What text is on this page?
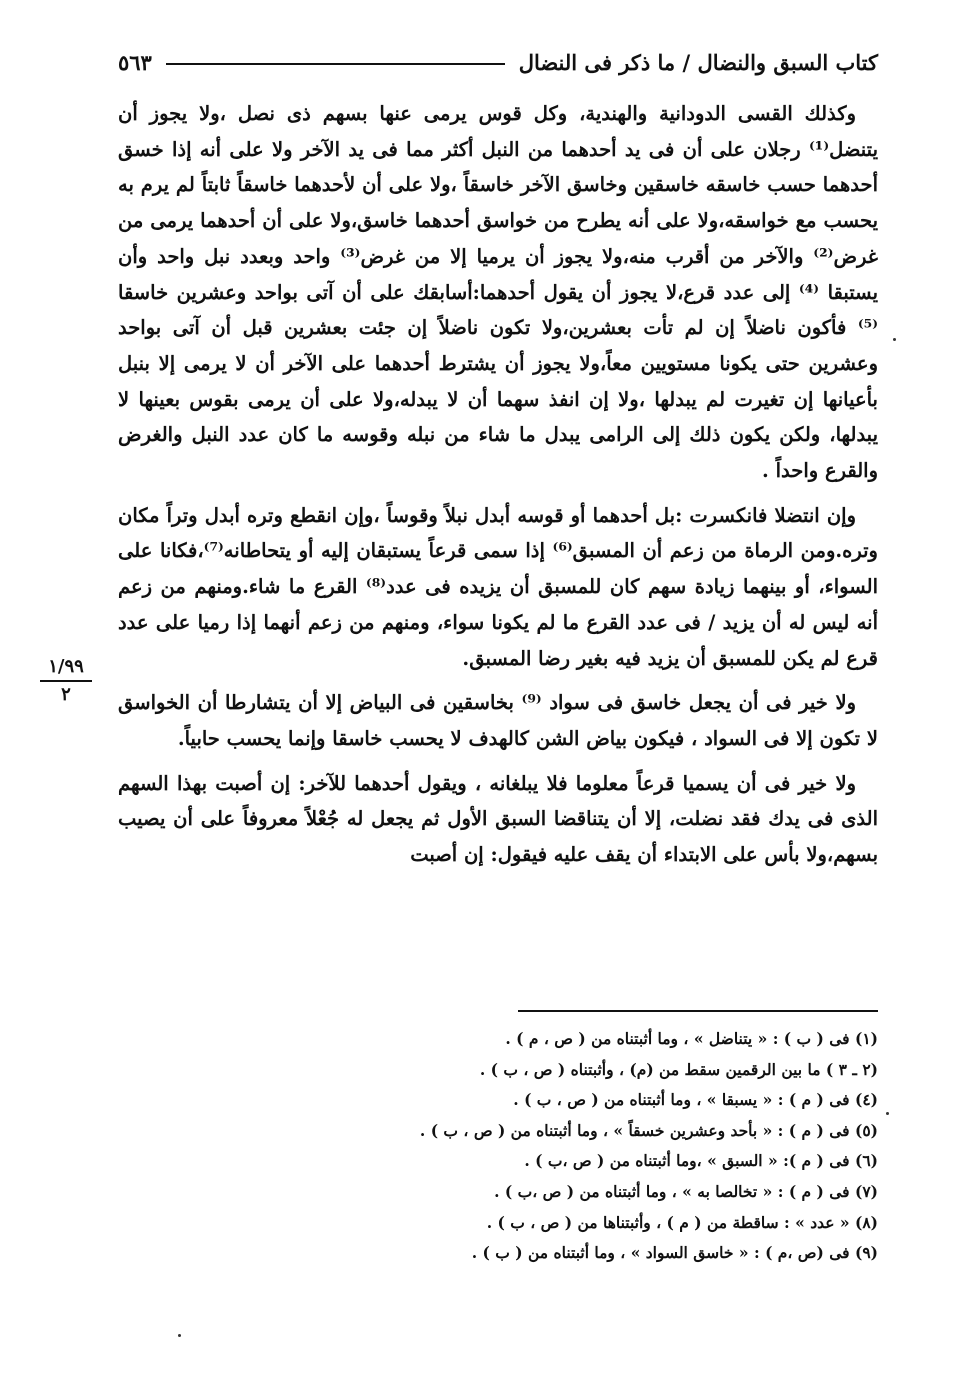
كتاب السبق والنضال / ما ذكر فى النضال
٥٦٣

وكذلك القسى الدودانية والهندية، وكل قوس يرمى عنها بسهم ذى نصل ،ولا يجوز أن يتنضل⁽¹⁾ رجلان على أن فى يد أحدهما من النبل أكثر مما فى يد الآخر ولا على أنه إذا خسق أحدهما حسب خاسقه خاسقين وخاسق الآخر خاسقاً ،ولا على أن لأحدهما خاسقاً ثابتاً لم يرم به يحسب مع خواسقه،ولا على أنه يطرح من خواسق أحدهما خاسق،ولا على أن أحدهما يرمى من غرض⁽²⁾ والآخر من أقرب منه،ولا يجوز أن يرميا إلا من غرض⁽³⁾ واحد وبعدد نبل واحد وأن يستبقا ⁽⁴⁾ إلى عدد قرع،لا يجوز أن يقول أحدهما:أسابقك على أن آتى بواحد وعشرين خاسقا ⁽⁵⁾ فأكون ناضلاً إن لم تأت بعشرين،ولا تكون ناضلاً إن جئت بعشرين قبل أن آتى بواحد وعشرين حتى يكونا مستويين معاً،ولا يجوز أن يشترط أحدهما على الآخر أن لا يرمى إلا بنبل بأعيانها إن تغيرت لم يبدلها ،ولا إن انفذ سهما أن لا يبدله،ولا على أن يرمى بقوس بعينها لا يبدلها، ولكن يكون ذلك إلى الرامى يبدل ما شاء من نبله وقوسه ما كان عدد النبل والغرض والقرع واحداً .

وإن انتضلا فانكسرت :بل أحدهما أو قوسه أبدل نبلاً وقوساً ،وإن انقطع وتره أبدل وتراً مكان وتره.ومن الرماة من زعم أن المسبق⁽⁶⁾ إذا سمى قرعاً يستبقان إليه أو يتحاطانه⁽⁷⁾،فكانا على السواء، أو بينهما زيادة سهم كان للمسبق أن يزيده فى عدد⁽⁸⁾ القرع ما شاء.ومنهم من زعم أنه ليس له أن يزيد / فى عدد القرع ما لم يكونا سواء، ومنهم من زعم أنهما إذا رميا على عدد قرع لم يكن للمسبق أن يزيد فيه بغير رضا المسبق.

ولا خير فى أن يجعل خاسق فى سواد ⁽⁹⁾ بخاسقين فى البياض إلا أن يتشارطا أن الخواسق لا تكون إلا فى السواد ، فيكون بياض الشن كالهدف لا يحسب خاسقا وإنما يحسب حابياً.

ولا خير فى أن يسميا قرعاً معلوما فلا يبلغانه ، ويقول أحدهما للآخر: إن أصبت بهذا السهم الذى فى يدك فقد نضلت، إلا أن يتناقضا السبق الأول ثم يجعل له جُعْلاً معروفاً على أن يصيب بسهم،ولا بأس على الابتداء أن يقف عليه فيقول: إن أصبت

١/٩٩
٢
(١) فى ( ب ) : « يتناضل » ، وما أثبتناه من ( ص ، م ) .
(٢ ـ ٣ ) ما بين الرقمين سقط من (م) ، وأثبتناه ( ص ، ب ) .
(٤) فى ( م ) : « يسبقا » ، وما أثبتناه من ( ص ، ب ) .
(٥) فى ( م ) : « بأحد وعشرين خسقاً » ، وما أثبتناه من ( ص ، ب ) .
(٦) فى ( م ): « السبق » ،وما أثبتناه من ( ص ،ب ) .
(٧) فى ( م ) : « تخالصا به » ، وما أثبتناه من ( ص ،ب ) .
(٨) « عدد » : ساقطة من ( م ) ، وأثبتناها من ( ص ، ب ) .
(٩) فى (ص ،م ) : « خاسق السواد » ، وما أثبتناه من ( ب ) .
